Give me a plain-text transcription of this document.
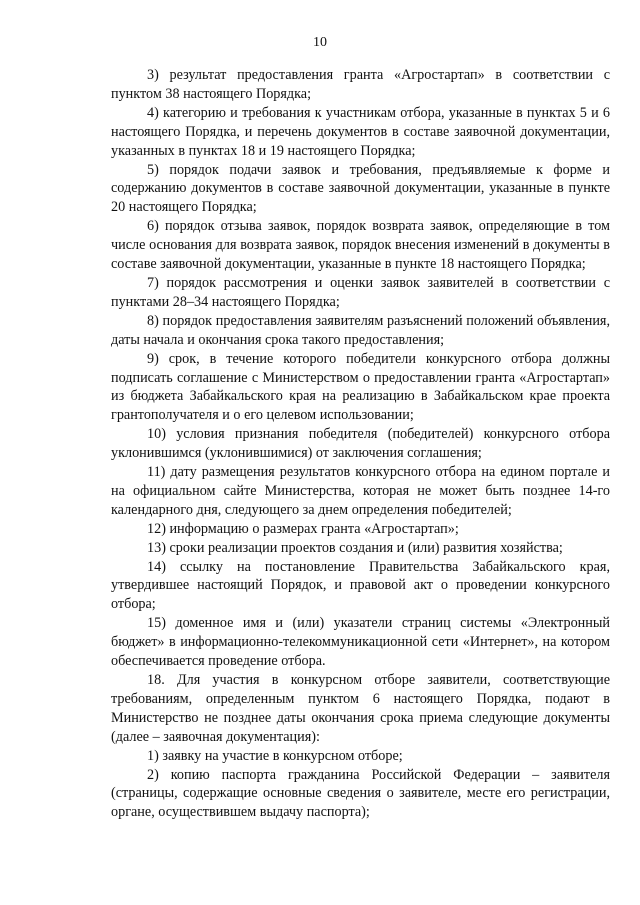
10

3) результат предоставления гранта «Агростартап» в соответствии с пунктом 38 настоящего Порядка;

4) категорию и требования к участникам отбора, указанные в пунктах 5 и 6 настоящего Порядка, и перечень документов в составе заявочной документации, указанных в пунктах 18 и 19 настоящего Порядка;

5) порядок подачи заявок и требования, предъявляемые к форме и содержанию документов в составе заявочной документации, указанные в пункте 20 настоящего Порядка;

6) порядок отзыва заявок, порядок возврата заявок, определяющие в том числе основания для возврата заявок, порядок внесения изменений в документы в составе заявочной документации, указанные в пункте 18 настоящего Порядка;

7) порядок рассмотрения и оценки заявок заявителей в соответствии с пунктами 28–34 настоящего Порядка;

8) порядок предоставления заявителям разъяснений положений объявления, даты начала и окончания срока такого предоставления;

9) срок, в течение которого победители конкурсного отбора должны подписать соглашение с Министерством о предоставлении гранта «Агростартап» из бюджета Забайкальского края на реализацию в Забайкальском крае проекта грантополучателя и о его целевом использовании;

10) условия признания победителя (победителей) конкурсного отбора уклонившимся (уклонившимися) от заключения соглашения;

11) дату размещения результатов конкурсного отбора на едином портале и на официальном сайте Министерства, которая не может быть позднее 14-го календарного дня, следующего за днем определения победителей;

12) информацию о размерах гранта «Агростартап»;

13) сроки реализации проектов создания и (или) развития хозяйства;

14) ссылку на постановление Правительства Забайкальского края, утвердившее настоящий Порядок, и правовой акт о проведении конкурсного отбора;

15) доменное имя и (или) указатели страниц системы «Электронный бюджет» в информационно-телекоммуникационной сети «Интернет», на котором обеспечивается проведение отбора.

18. Для участия в конкурсном отборе заявители, соответствующие требованиям, определенным пунктом 6 настоящего Порядка, подают в Министерство не позднее даты окончания срока приема следующие документы (далее – заявочная документация):

1) заявку на участие в конкурсном отборе;

2) копию паспорта гражданина Российской Федерации – заявителя (страницы, содержащие основные сведения о заявителе, месте его регистрации, органе, осуществившем выдачу паспорта);
